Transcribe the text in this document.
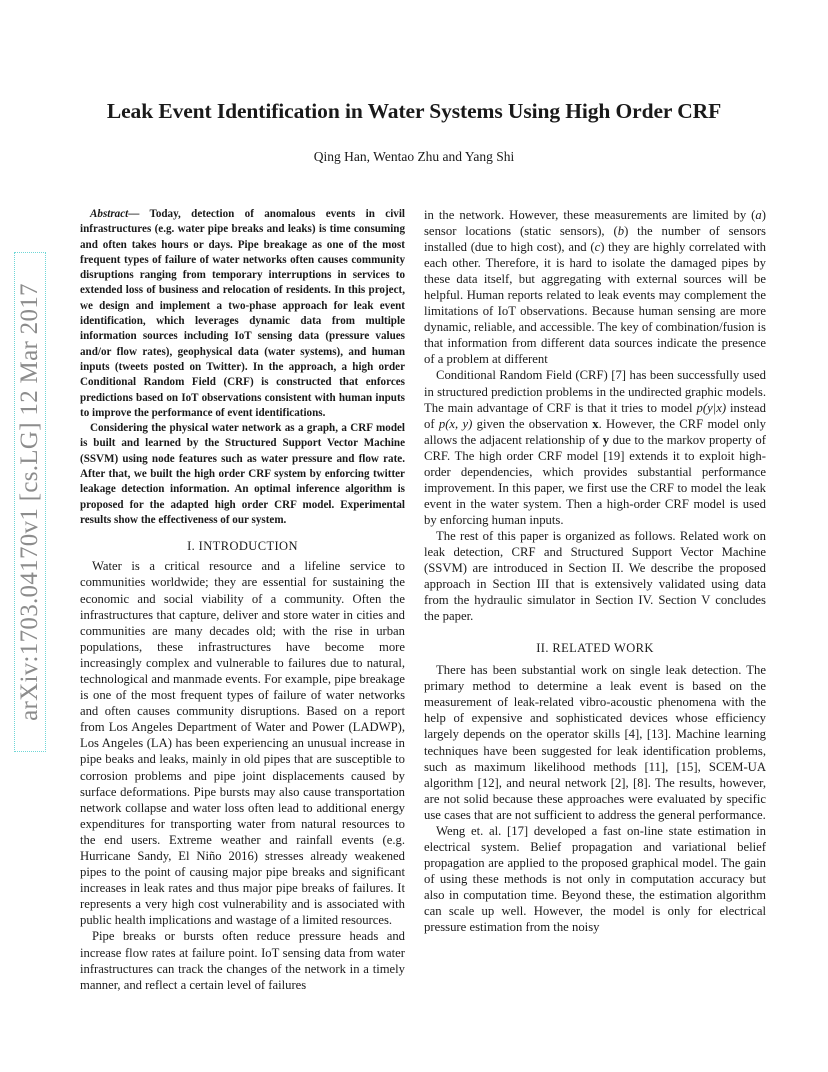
Leak Event Identification in Water Systems Using High Order CRF
Qing Han, Wentao Zhu and Yang Shi
arXiv:1703.04170v1 [cs.LG] 12 Mar 2017

Abstract— Today, detection of anomalous events in civil infrastructures (e.g. water pipe breaks and leaks) is time consuming and often takes hours or days. Pipe breakage as one of the most frequent types of failure of water networks often causes community disruptions ranging from temporary interruptions in services to extended loss of business and relocation of residents. In this project, we design and implement a two-phase approach for leak event identification, which leverages dynamic data from multiple information sources including IoT sensing data (pressure values and/or flow rates), geophysical data (water systems), and human inputs (tweets posted on Twitter). In the approach, a high order Conditional Random Field (CRF) is constructed that enforces predictions based on IoT observations consistent with human inputs to improve the performance of event identifications.

Considering the physical water network as a graph, a CRF model is built and learned by the Structured Support Vector Machine (SSVM) using node features such as water pressure and flow rate. After that, we built the high order CRF system by enforcing twitter leakage detection information. An optimal inference algorithm is proposed for the adapted high order CRF model. Experimental results show the effectiveness of our system.

I. INTRODUCTION

Water is a critical resource and a lifeline service to communities worldwide; they are essential for sustaining the economic and social viability of a community. Often the infrastructures that capture, deliver and store water in cities and communities are many decades old; with the rise in urban populations, these infrastructures have become more increasingly complex and vulnerable to failures due to natural, technological and manmade events. For example, pipe breakage is one of the most frequent types of failure of water networks and often causes community disruptions. Based on a report from Los Angeles Department of Water and Power (LADWP), Los Angeles (LA) has been experiencing an unusual increase in pipe beaks and leaks, mainly in old pipes that are susceptible to corrosion problems and pipe joint displacements caused by surface deformations. Pipe bursts may also cause transportation network collapse and water loss often lead to additional energy expenditures for transporting water from natural resources to the end users. Extreme weather and rainfall events (e.g. Hurricane Sandy, El Niño 2016) stresses already weakened pipes to the point of causing major pipe breaks and significant increases in leak rates and thus major pipe breaks of failures. It represents a very high cost vulnerability and is associated with public health implications and wastage of a limited resources.

Pipe breaks or bursts often reduce pressure heads and increase flow rates at failure point. IoT sensing data from water infrastructures can track the changes of the network in a timely manner, and reflect a certain level of failures

in the network. However, these measurements are limited by (a) sensor locations (static sensors), (b) the number of sensors installed (due to high cost), and (c) they are highly correlated with each other. Therefore, it is hard to isolate the damaged pipes by these data itself, but aggregating with external sources will be helpful. Human reports related to leak events may complement the limitations of IoT observations. Because human sensing are more dynamic, reliable, and accessible. The key of combination/fusion is that information from different data sources indicate the presence of a problem at different

Conditional Random Field (CRF) [7] has been successfully used in structured prediction problems in the undirected graphic models. The main advantage of CRF is that it tries to model p(y|x) instead of p(x, y) given the observation x. However, the CRF model only allows the adjacent relationship of y due to the markov property of CRF. The high order CRF model [19] extends it to exploit high-order dependencies, which provides substantial performance improvement. In this paper, we first use the CRF to model the leak event in the water system. Then a high-order CRF model is used by enforcing human inputs.

The rest of this paper is organized as follows. Related work on leak detection, CRF and Structured Support Vector Machine (SSVM) are introduced in Section II. We describe the proposed approach in Section III that is extensively validated using data from the hydraulic simulator in Section IV. Section V concludes the paper.

II. RELATED WORK

There has been substantial work on single leak detection. The primary method to determine a leak event is based on the measurement of leak-related vibro-acoustic phenomena with the help of expensive and sophisticated devices whose efficiency largely depends on the operator skills [4], [13]. Machine learning techniques have been suggested for leak identification problems, such as maximum likelihood methods [11], [15], SCEM-UA algorithm [12], and neural network [2], [8]. The results, however, are not solid because these approaches were evaluated by specific use cases that are not sufficient to address the general performance.

Weng et. al. [17] developed a fast on-line state estimation in electrical system. Belief propagation and variational belief propagation are applied to the proposed graphical model. The gain of using these methods is not only in computation accuracy but also in computation time. Beyond these, the estimation algorithm can scale up well. However, the model is only for electrical pressure estimation from the noisy
